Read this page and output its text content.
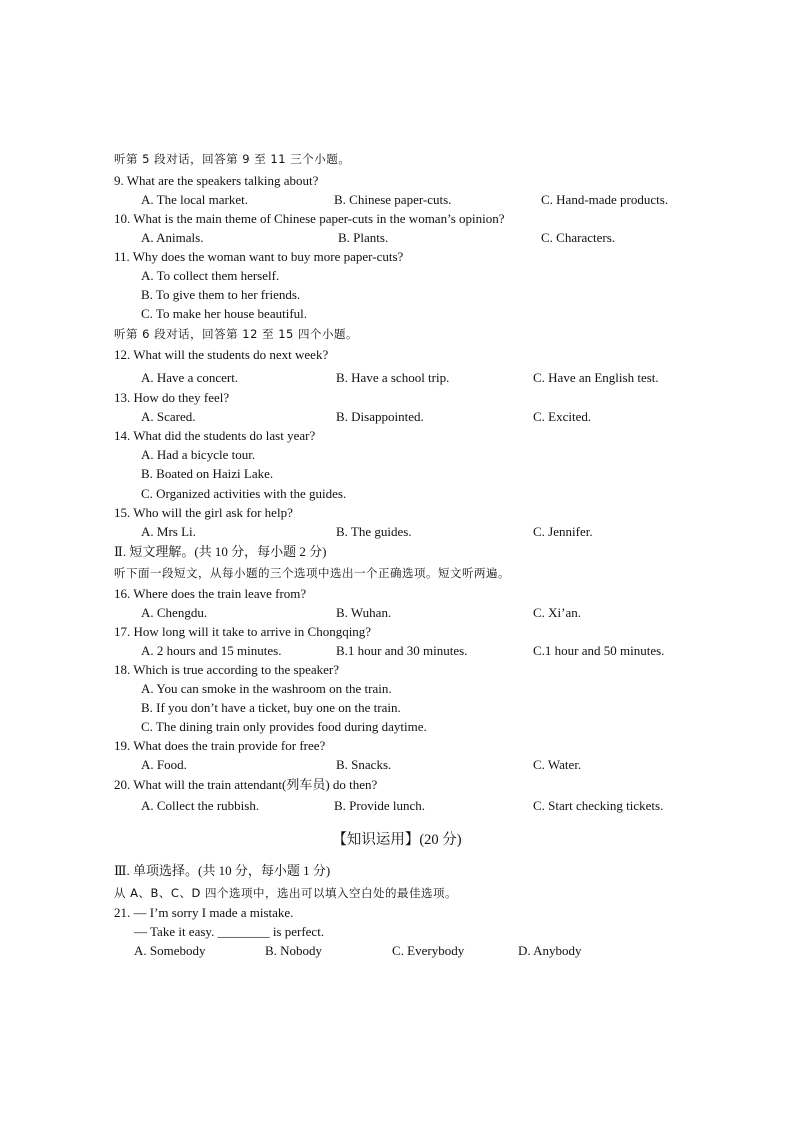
听第 5 段对话，回答第 9 至 11 三个小题。
9. What are the speakers talking about?
A. The local market.	B. Chinese paper-cuts.	C. Hand-made products.
10. What is the main theme of Chinese paper-cuts in the woman’s opinion?
A. Animals.	B. Plants.	C. Characters.
11. Why does the woman want to buy more paper-cuts?
A. To collect them herself.
B. To give them to her friends.
C. To make her house beautiful.
听第 6 段对话，回答第 12 至 15 四个小题。
12. What will the students do next week?
A. Have a concert.	B. Have a school trip.	C. Have an English test.
13. How do they feel?
A. Scared.	B. Disappointed.	C. Excited.
14. What did the students do last year?
A. Had a bicycle tour.
B. Boated on Haizi Lake.
C. Organized activities with the guides.
15. Who will the girl ask for help?
A. Mrs Li.	B. The guides.	C. Jennifer.
Ⅱ. 短文理解。(共 10 分，每小题 2 分)
听下面一段短文，从每小题的三个选项中选出一个正确选项。短文听两遍。
16. Where does the train leave from?
A. Chengdu.	B. Wuhan.	C. Xi’an.
17. How long will it take to arrive in Chongqing?
A. 2 hours and 15 minutes.	B.1 hour and 30 minutes.	C.1 hour and 50 minutes.
18. Which is true according to the speaker?
A. You can smoke in the washroom on the train.
B. If you don’t have a ticket, buy one on the train.
C. The dining train only provides food during daytime.
19. What does the train provide for free?
A. Food.	B. Snacks.	C. Water.
20. What will the train attendant(列车员) do then?
A. Collect the rubbish.	B. Provide lunch.	C. Start checking tickets.
【知识运用】(20 分)
Ⅲ. 单项选择。(共 10 分，每小题 1 分)
从 A、B、C、D 四个选项中，选出可以填入空白处的最佳选项。
21. — I’m sorry I made a mistake.
— Take it easy. ________ is perfect.
A. Somebody	B. Nobody	C. Everybody	D. Anybody
